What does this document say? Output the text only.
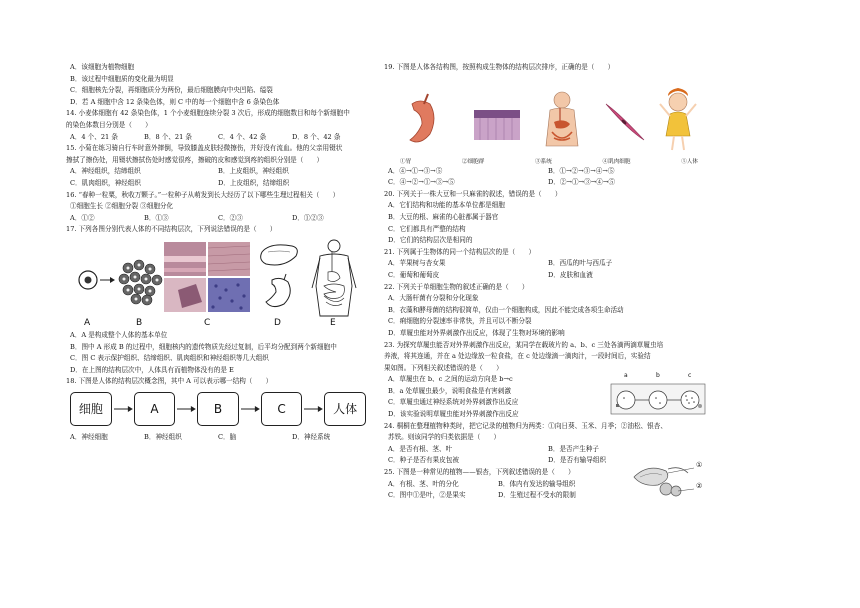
A．该细胞为植物细胞
B．该过程中细胞质的变化最为明显
C．细胞核先分裂，再细胞质分为两份，最后细胞膜向中央凹陷、缢裂
D．若 A 细胞中含 12 条染色体，则 C 中的每一个细胞中含 6 条染色体
14. 小麦体细胞有 42 条染色体，1 个小麦细胞连续分裂 3 次后，形成的细胞数目和每个新细胞中
的染色体数目分别是（　　）
A．4 个、21 条	B．8 个、21 条	C．4 个、42 条	D．8 个、42 条
15. 小菊在练习骑自行车时意外摔倒，导致膝盖皮肤轻微擦伤，并好没有流血。他的父亲用镊状
擦拭了擦伤处，用镊状擦拭伤处时感觉很疼，擦破的皮和感觉到疼的组织分别是（　　）
A．神经组织，结缔组织	B．上皮组织，神经组织
C．肌肉组织，神经组织	D．上皮组织，结缔组织
16. “春种一粒粟，秋收万颗子。”一粒种子从萌发到长大经历了以下哪些生理过程相关（　　）
①细胞生长 ②细胞分裂 ③细胞分化
A．①②	B．①③	C．②③	D．①②③
17. 下列各图分别代表人体的不同结构层次，下列说法错误的是（　　）
A	B	C	D	E
A．A 是构成整个人体的基本单位
B．图中 A 形成 B 的过程中，细胞核内的遗传物质先经过复制，后平均分配到两个新细胞中
C．图 C 表示保护组织、结缔组织、肌肉组织和神经组织等几大组织
D．在上图的结构层次中，人体具有而植物体没有的是 E
18. 下图是人体的结构层次概念图，其中 A 可以表示哪一结构（　　）
细胞	A	B	C	人体
A．神经细胞	B．神经组织	C．脑	D．神经系统
19. 下图是人体各结构图，按照构成生物体的结构层次排序，正确的是（　　）
①胃	②细胞群	③系统	④肌肉细胞	⑤人体
A．④→①→③→⑤	B．①→②→③→④→⑤
C．④→②→①→③→⑤	D．②→①→③→④→⑤
20. 下列关于一株大豆和一只麻雀的叙述，错误的是（　　）
A．它们结构和功能的基本单位都是细胞
B．大豆的根、麻雀的心脏都属于器官
C．它们都具有严整的结构
D．它们的结构层次是相同的
21. 下列属于生物体的同一个结构层次的是（　　）
A．苹果树与杏女果	B．西瓜的叶与西瓜子
C．葡萄和葡萄皮	D．皮肤和血液
22. 下列关于单细胞生物的叙述正确的是（　　）
A．大肠杆菌有分裂和分化现象
B．衣藻和酵母菌的结构很简单，仅由一个细胞构成，因此不能完成各项生命活动
C．痢细胞的分裂速率非常快，并且可以不断分裂
D．草履虫能对外界刺激作出反应，体现了生物对环境的影响
23. 为探究草履虫能否对外界刺激作出反应，某同学在载玻片的 a、b、c 三处各滴两滴草履虫培
养液，将其连通，并在 a 处边缘放一粒食盐，在 c 处边缘滴一滴肉汁，一段时间后，实验结
果如图。下列相关叙述错误的是（　　）
A．草履虫在 b、c 之间的运动方向是 b→c
B．a 处草履虫最少，说明食盐是有害刺激
C．草履虫通过神经系统对外界刺激作出反应
D．该实验说明草履虫能对外界刺激作出反应
a	b	c
24. 桐桐在整理植物种类时，把它记录的植物归为两类：①向日葵、玉米、月季；②油松、银杏、
苏铁。则该同学的归类依据是（　　）
A．是否有根、茎、叶	B．是否产生种子
C．种子是否有果皮包被	D．是否有输导组织
25. 下图是一种常见的植物——银杏，下列叙述错误的是（　　）
A．有根、茎、叶的分化	B．体内有发达的输导组织
C．图中①是叶，②是果实	D．生殖过程不受水的限制
①
②
